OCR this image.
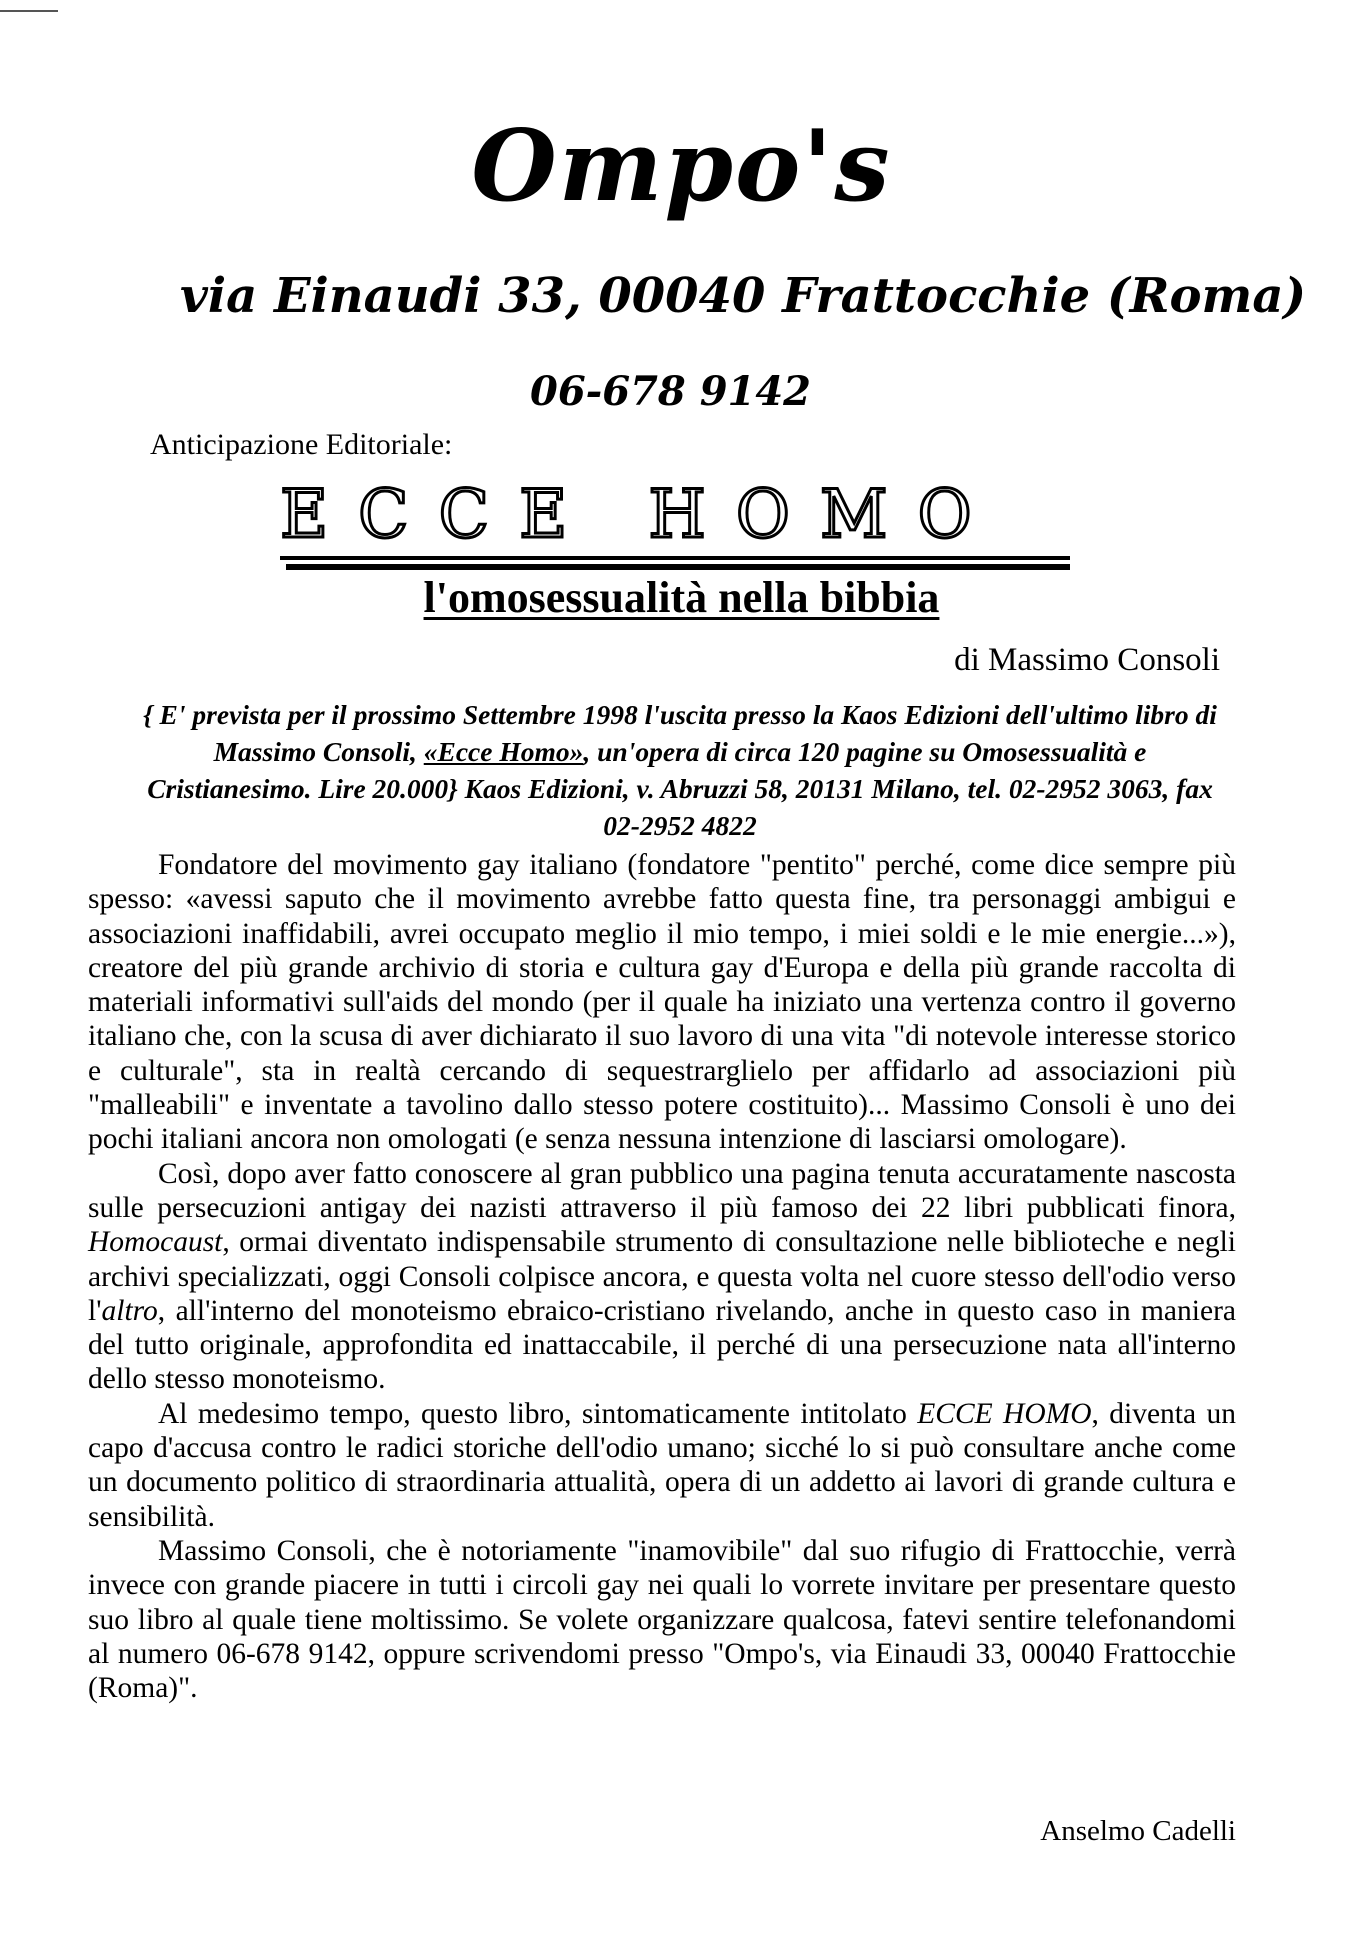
Ompo's
via Einaudi 33, 00040 Frattocchie (Roma)
06-678 9142
Anticipazione Editoriale:
ECCE HOMO
l'omosessualità nella bibbia
di Massimo Consoli
{ E' prevista per il prossimo Settembre 1998 l'uscita presso la Kaos Edizioni dell'ultimo libro di Massimo Consoli, «Ecce Homo», un'opera di circa 120 pagine su Omosessualità e Cristianesimo. Lire 20.000} Kaos Edizioni, v. Abruzzi 58, 20131 Milano, tel. 02-2952 3063, fax 02-2952 4822

Fondatore del movimento gay italiano (fondatore "pentito" perché, come dice sempre più spesso: «avessi saputo che il movimento avrebbe fatto questa fine, tra personaggi ambigui e associazioni inaffidabili, avrei occupato meglio il mio tempo, i miei soldi e le mie energie...»), creatore del più grande archivio di storia e cultura gay d'Europa e della più grande raccolta di materiali informativi sull'aids del mondo (per il quale ha iniziato una vertenza contro il governo italiano che, con la scusa di aver dichiarato il suo lavoro di una vita "di notevole interesse storico e culturale", sta in realtà cercando di sequestrarglielo per affidarlo ad associazioni più "malleabili" e inventate a tavolino dallo stesso potere costituito)... Massimo Consoli è uno dei pochi italiani ancora non omologati (e senza nessuna intenzione di lasciarsi omologare).

Così, dopo aver fatto conoscere al gran pubblico una pagina tenuta accuratamente nascosta sulle persecuzioni antigay dei nazisti attraverso il più famoso dei 22 libri pubblicati finora, Homocaust, ormai diventato indispensabile strumento di consultazione nelle biblioteche e negli archivi specializzati, oggi Consoli colpisce ancora, e questa volta nel cuore stesso dell'odio verso l'altro, all'interno del monoteismo ebraico-cristiano rivelando, anche in questo caso in maniera del tutto originale, approfondita ed inattaccabile, il perché di una persecuzione nata all'interno dello stesso monoteismo.

Al medesimo tempo, questo libro, sintomaticamente intitolato ECCE HOMO, diventa un capo d'accusa contro le radici storiche dell'odio umano; sicché lo si può consultare anche come un documento politico di straordinaria attualità, opera di un addetto ai lavori di grande cultura e sensibilità.

Massimo Consoli, che è notoriamente "inamovibile" dal suo rifugio di Frattocchie, verrà invece con grande piacere in tutti i circoli gay nei quali lo vorrete invitare per presentare questo suo libro al quale tiene moltissimo. Se volete organizzare qualcosa, fatevi sentire telefonandomi al numero 06-678 9142, oppure scrivendomi presso "Ompo's, via Einaudi 33, 00040 Frattocchie (Roma)".

Anselmo Cadelli
